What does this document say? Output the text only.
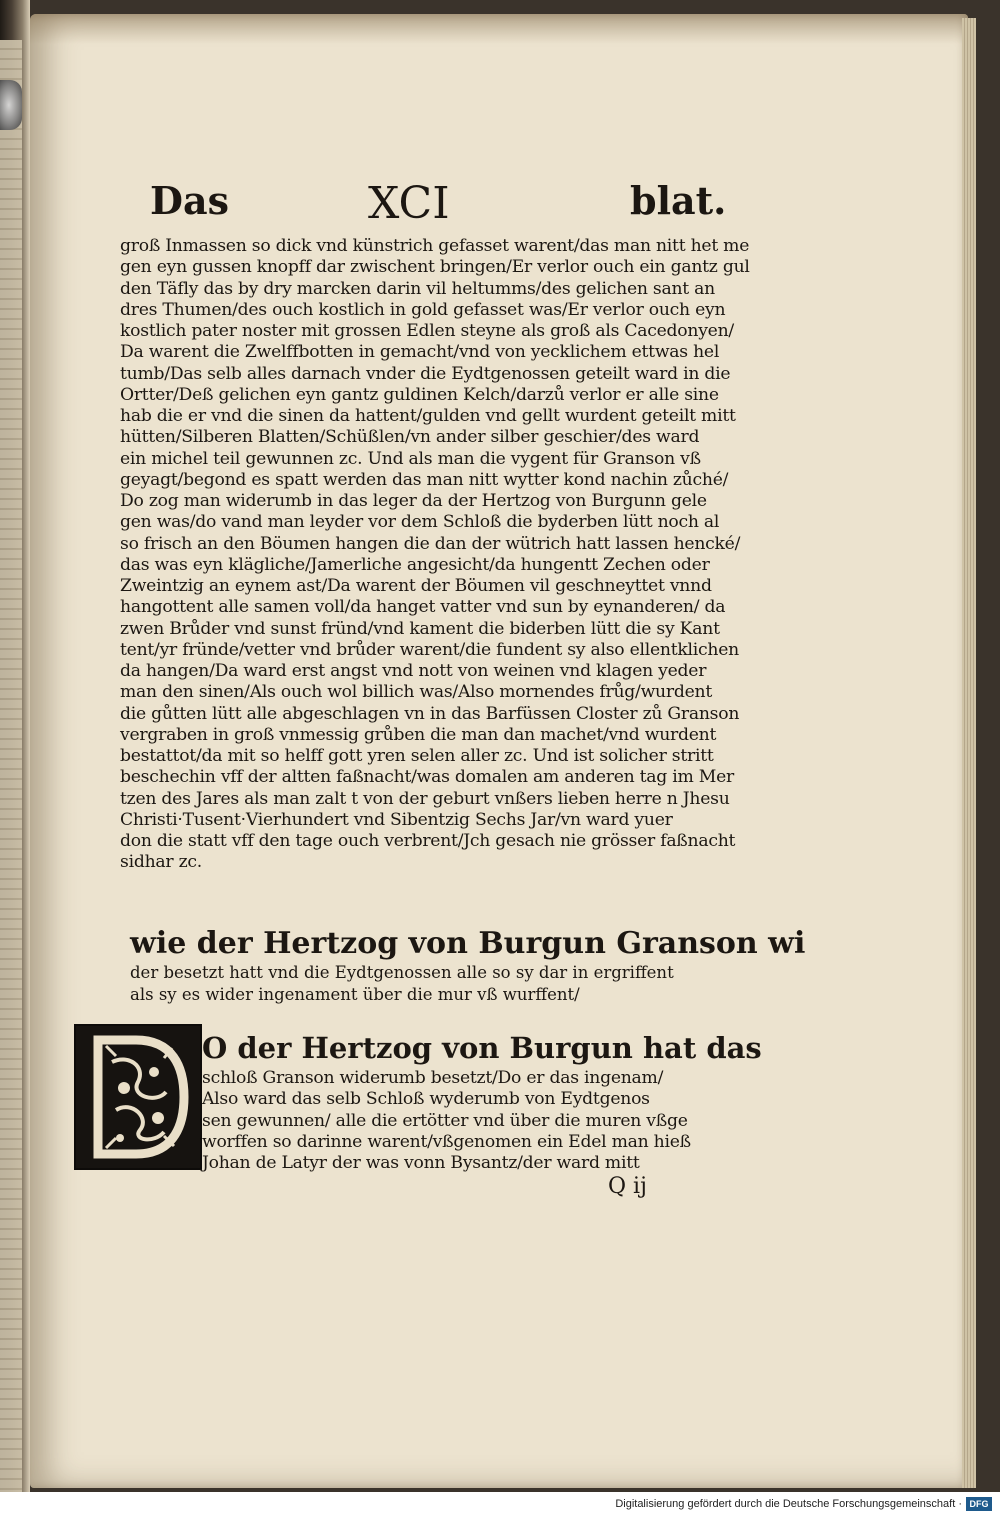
Das	XCI	blat.
groß Inmassen so dick vnd künstrich gefasset warent/das man nitt het me
gen eyn gussen knopff dar zwischent bringen/Er verlor ouch ein gantz gul
den Täfly das by dry marcken darin vil heltumms/des gelichen sant an
dres Thumen/des ouch kostlich in gold gefasset was/Er verlor ouch eyn
kostlich pater noster mit grossen Edlen steyne als groß als Cacedonyen/
Da warent die Zwelffbotten in gemacht/vnd von yecklichem ettwas hel
tumb/Das selb alles darnach vnder die Eydtgenossen geteilt ward in die
Ortter/Deß gelichen eyn gantz guldinen Kelch/darzů verlor er alle sine
hab die er vnd die sinen da hattent/gulden vnd gellt wurdent geteilt mitt
hütten/Silberen Blatten/Schüßlen/vn ander silber geschier/des ward
ein michel teil gewunnen zc. Und als man die vygent für Granson vß
geyagt/begond es spatt werden das man nitt wytter kond nachin zůché/
Do zog man widerumb in das leger da der Hertzog von Burgunn gele
gen was/do vand man leyder vor dem Schloß die byderben lütt noch al
so frisch an den Böumen hangen die dan der wütrich hatt lassen hencké/
das was eyn klägliche/Jamerliche angesicht/da hungentt Zechen oder
Zweintzig an eynem ast/Da warent der Böumen vil geschneyttet vnnd
hangottent alle samen voll/da hanget vatter vnd sun by eynanderen/ da
zwen Brůder vnd sunst fründ/vnd kament die biderben lütt die sy Kant
tent/yr fründe/vetter vnd brůder warent/die fundent sy also ellentklichen
da hangen/Da ward erst angst vnd nott von weinen vnd klagen yeder
man den sinen/Als ouch wol billich was/Also mornendes frůg/wurdent
die gůtten lütt alle abgeschlagen vn in das Barfüssen Closter zů Granson
vergraben in groß vnmessig grůben die man dan machet/vnd wurdent
bestattot/da mit so helff gott yren selen aller zc. Und ist solicher stritt
beschechin vff der altten faßnacht/was domalen am anderen tag im Mer
tzen des Jares als man zalt t von der geburt vnßers lieben herre n Jhesu
Christi·Tusent·Vierhundert vnd Sibentzig Sechs Jar/vn ward yuer
don die statt vff den tage ouch verbrent/Jch gesach nie grösser faßnacht
sidhar zc.
wie der Hertzog von Burgun Granson wi
der besetzt hatt vnd die Eydtgenossen alle so sy dar in ergriffent
als sy es wider ingenament über die mur vß wurffent/
O der Hertzog von Burgun hat das
schloß Granson widerumb besetzt/Do er das ingenam/
Also ward das selb Schloß wyderumb von Eydtgenos
sen gewunnen/ alle die ertötter vnd über die muren vßge
worffen so darinne warent/vßgenomen ein Edel man hieß
Johan de Latyr der was vonn Bysantz/der ward mitt
Q ij
Digitalisierung gefördert durch die Deutsche Forschungsgemeinschaft · DFG
